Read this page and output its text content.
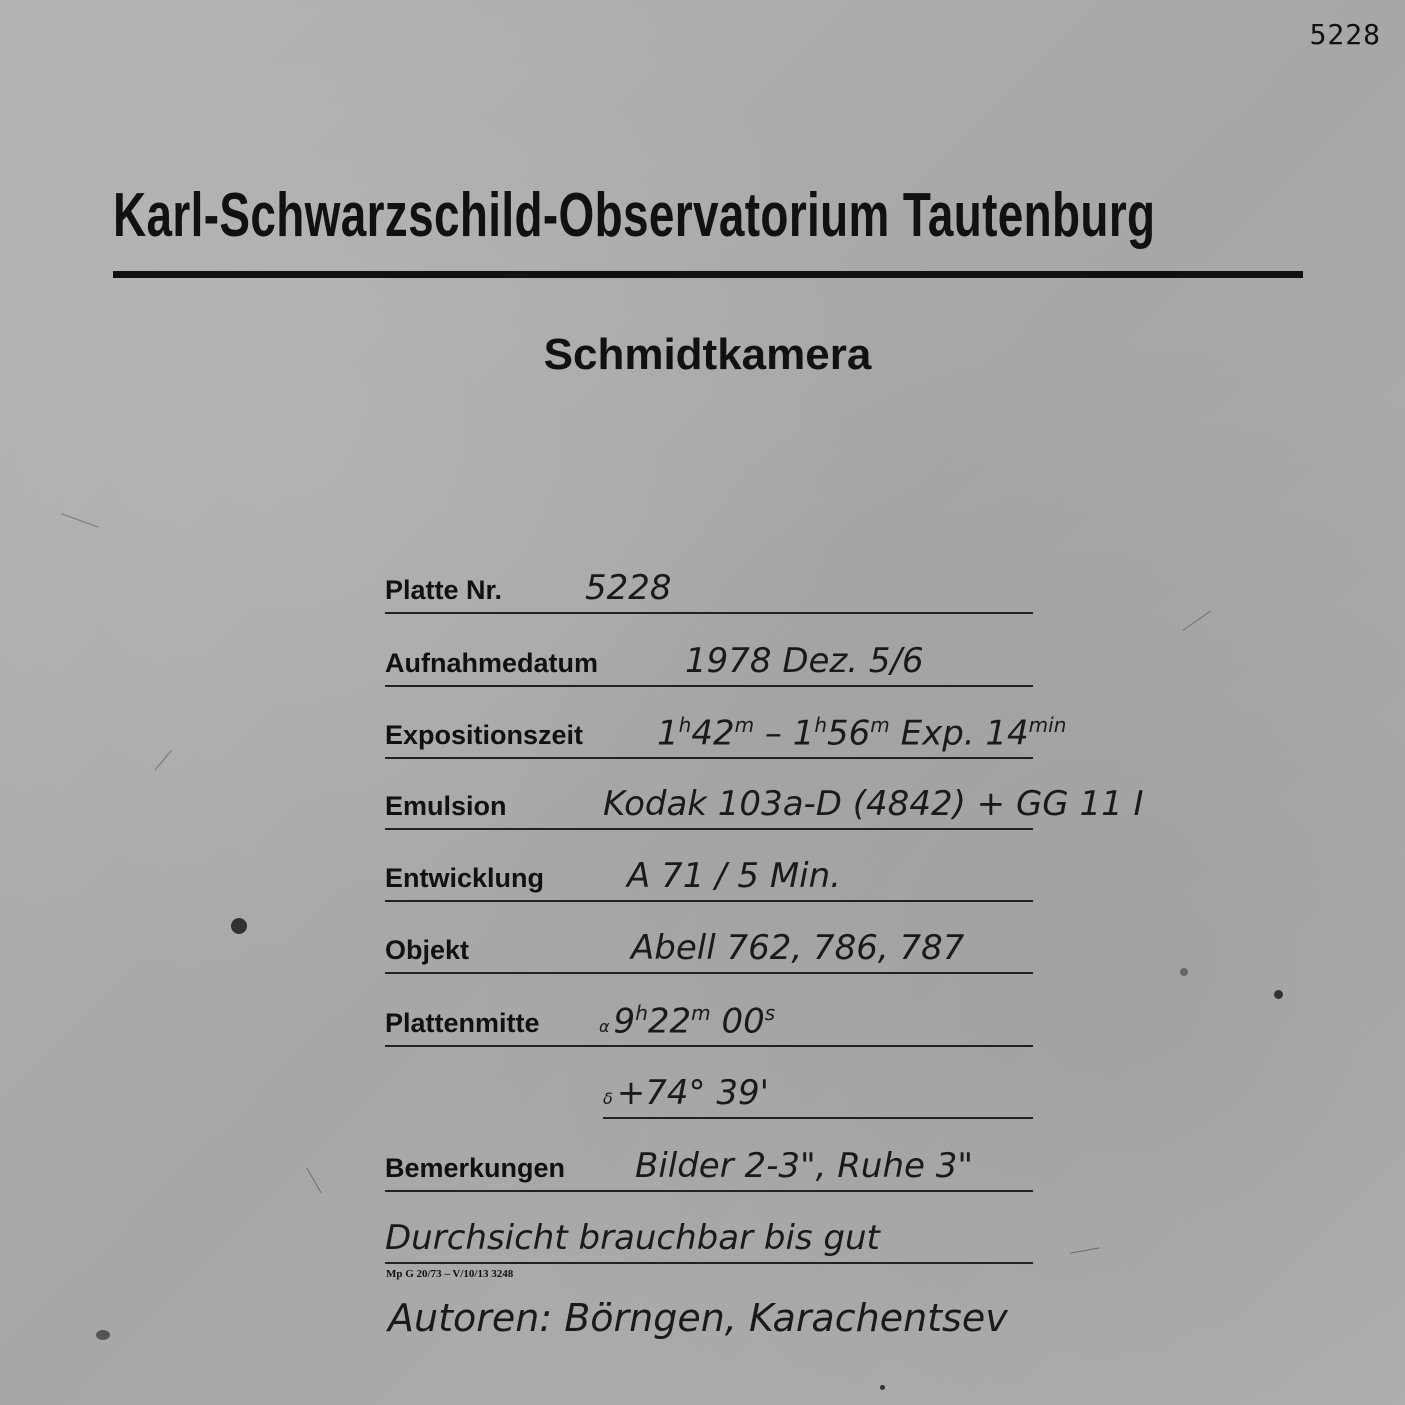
5228
Karl-Schwarzschild-Observatorium Tautenburg
Schmidtkamera
Platte Nr. 5228
Aufnahmedatum	1978 Dez. 5/6
Expositionszeit 1$^h$42$^m$ – 1$^h$56$^m$ Exp. $14^{min}$
Emulsion	Kodak 103a-D (4842) + GG 11 I
Entwicklung A 71 / 5 Min.
Objekt	Abell 762, 786, 787
Plattenmitte	α 9$^h$22$^m$ 00$^s$
δ +74° 39'
Bemerkungen Bilder 2-3", Ruhe 3"
Durchsicht brauchbar bis gut
Mp G 20/73 – V/10/13 3248
Autoren: Börngen, Karachentsev
